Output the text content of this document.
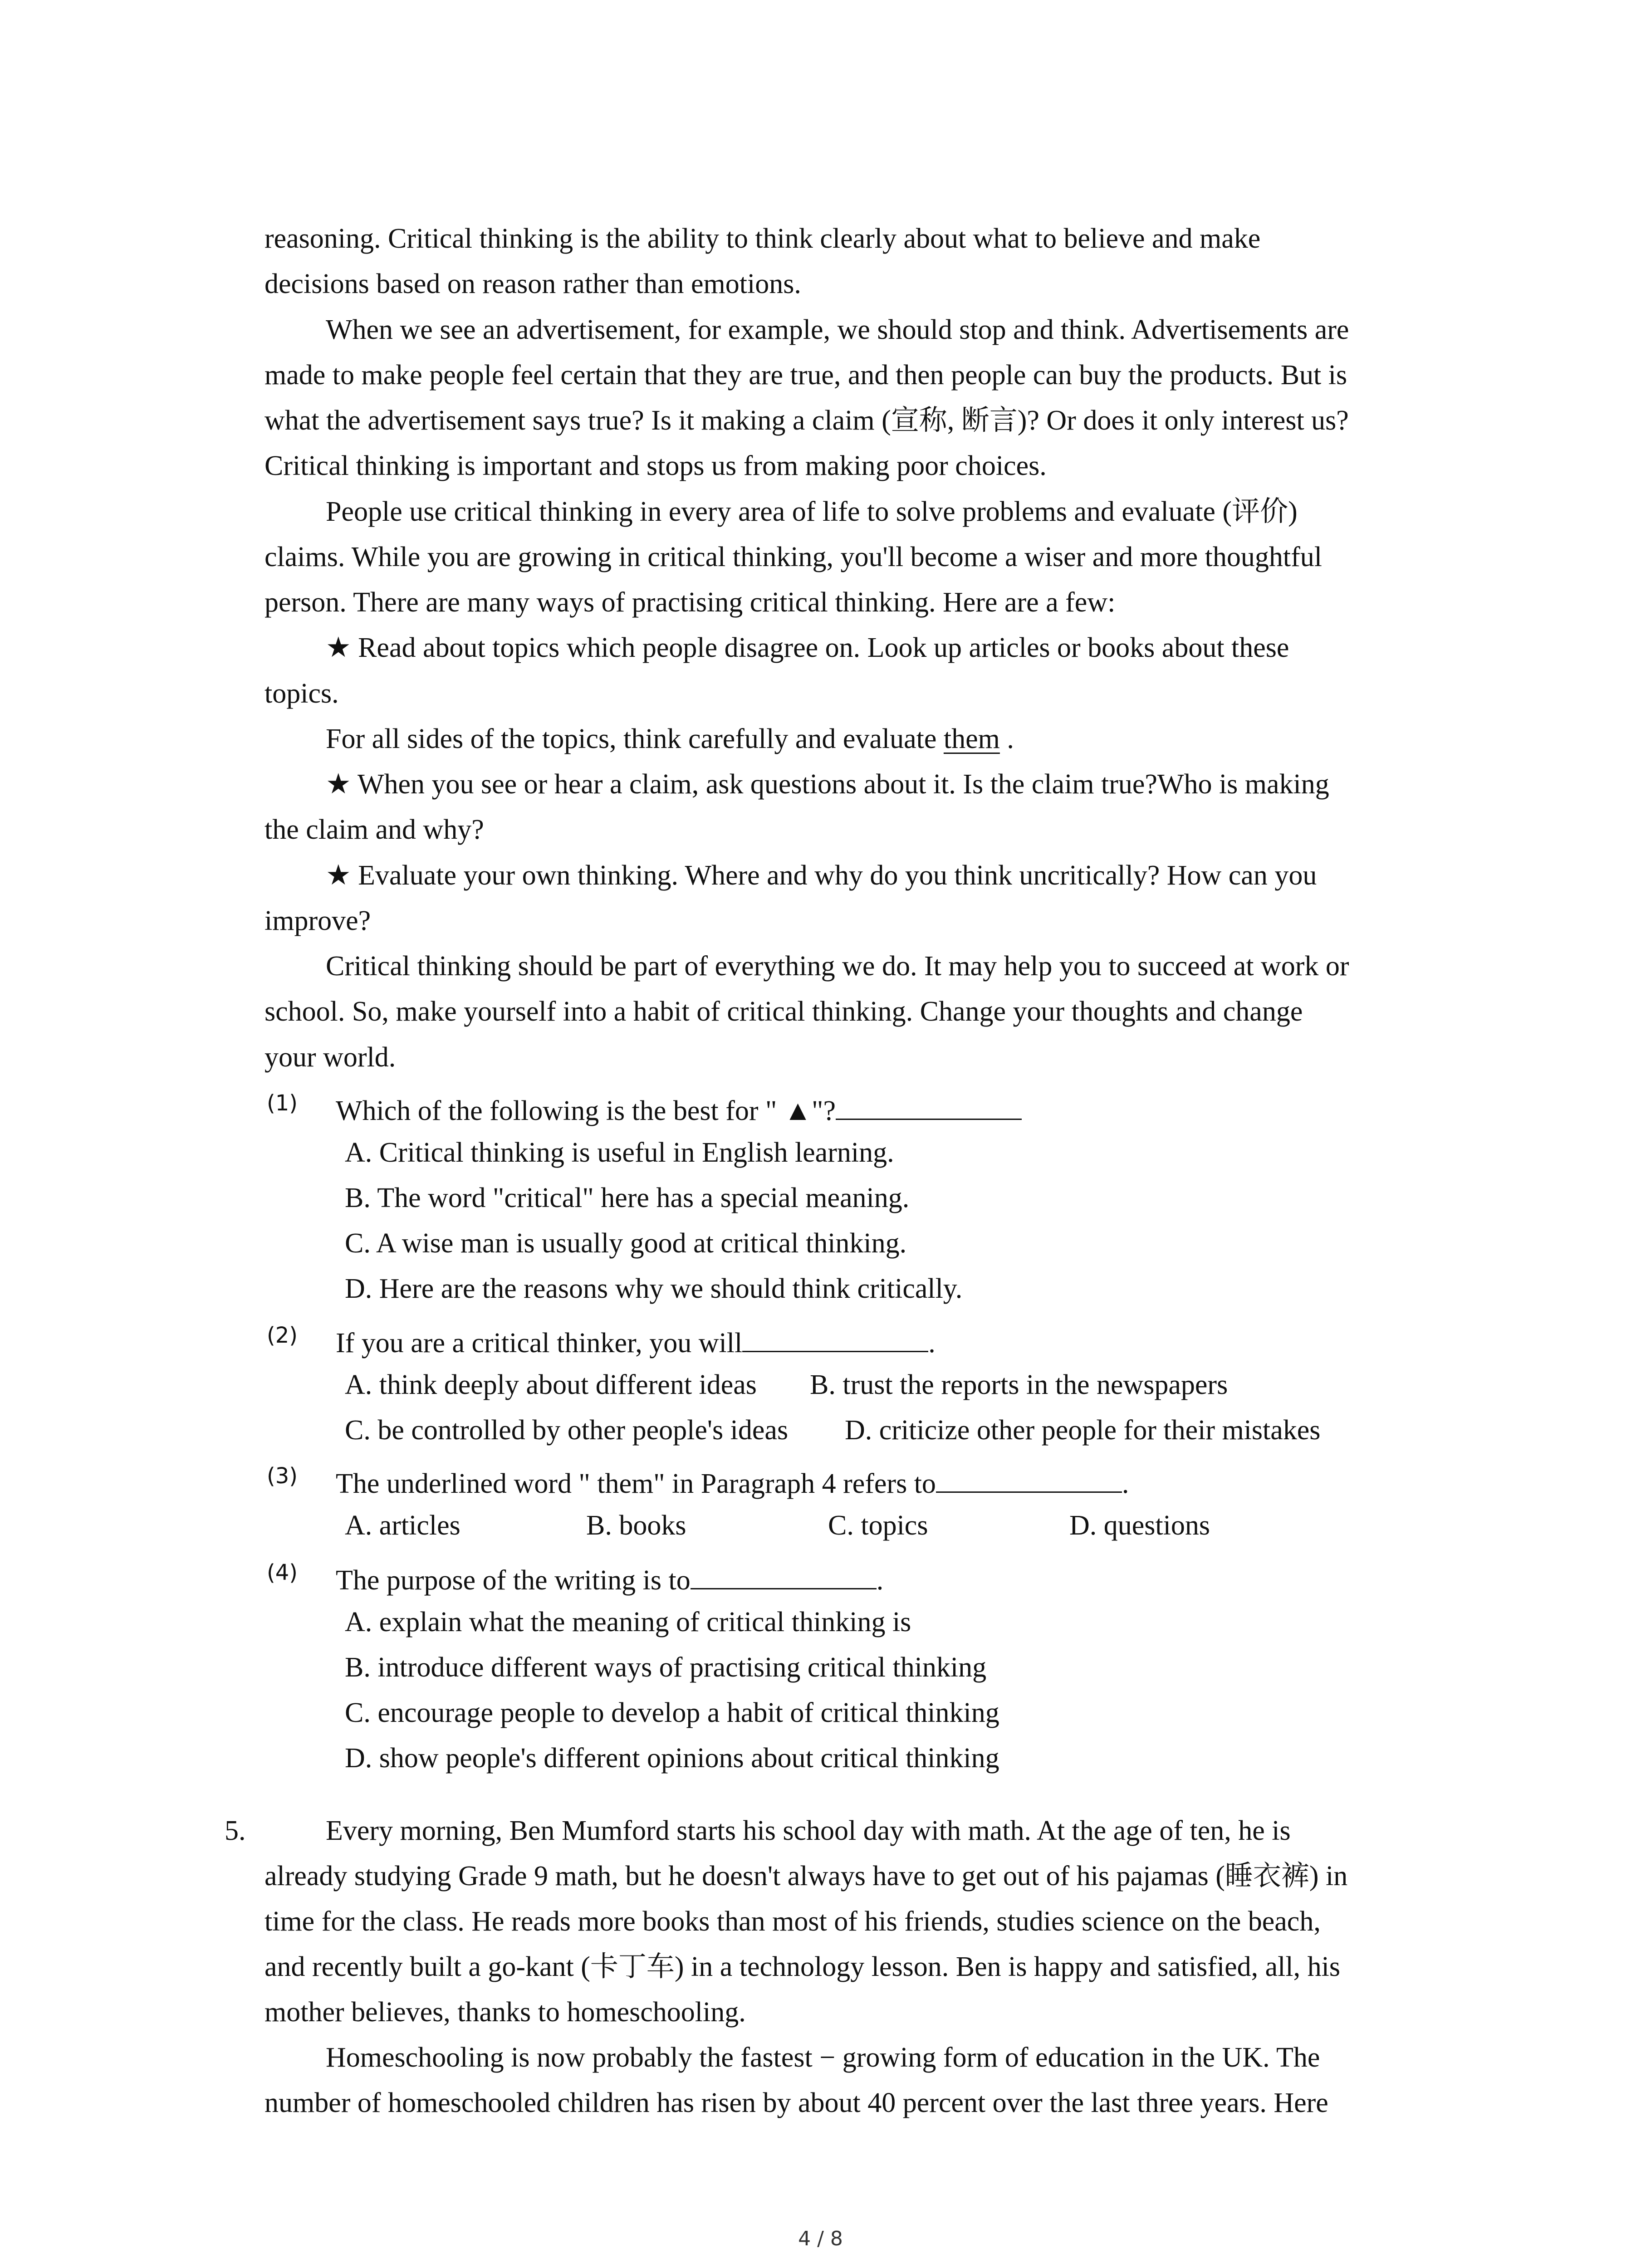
reasoning. Critical thinking is the ability to think clearly about what to believe and make
decisions based on reason rather than emotions.
When we see an advertisement, for example, we should stop and think. Advertisements are
made to make people feel certain that they are true, and then people can buy the products. But is
what the advertisement says true? Is it making a claim (宣称, 断言)? Or does it only interest us?
Critical thinking is important and stops us from making poor choices.
People use critical thinking in every area of life to solve problems and evaluate (评价)
claims. While you are growing in critical thinking, you'll become a wiser and more thoughtful
person. There are many ways of practising critical thinking. Here are a few:
★ Read about topics which people disagree on. Look up articles or books about these
topics.
For all sides of the topics, think carefully and evaluate them .
★ When you see or hear a claim, ask questions about it. Is the claim true?Who is making
the claim and why?
★ Evaluate your own thinking. Where and why do you think uncritically? How can you
improve?
Critical thinking should be part of everything we do. It may help you to succeed at work or
school. So, make yourself into a habit of critical thinking. Change your thoughts and change
your world.
(1) Which of the following is the best for " ▲"?
A. Critical thinking is useful in English learning.
B. The word "critical" here has a special meaning.
C. A wise man is usually good at critical thinking.
D. Here are the reasons why we should think critically.
(2) If you are a critical thinker, you will	.
A. think deeply about different ideas B. trust the reports in the newspapers
C. be controlled by other people's ideas D. criticize other people for their mistakes
(3) The underlined word " them" in Paragraph 4 refers to	.
A. articles	B. books	C. topics	D. questions
(4) The purpose of the writing is to	.
A. explain what the meaning of critical thinking is
B. introduce different ways of practising critical thinking
C. encourage people to develop a habit of critical thinking
D. show people's different opinions about critical thinking
5.	Every morning, Ben Mumford starts his school day with math. At the age of ten, he is
already studying Grade 9 math, but he doesn't always have to get out of his pajamas (睡衣裤) in
time for the class. He reads more books than most of his friends, studies science on the beach,
and recently built a go-kant (卡丁车) in a technology lesson. Ben is happy and satisfied, all, his
mother believes, thanks to homeschooling.
Homeschooling is now probably the fastest − growing form of education in the UK. The
number of homeschooled children has risen by about 40 percent over the last three years. Here
4 / 8
